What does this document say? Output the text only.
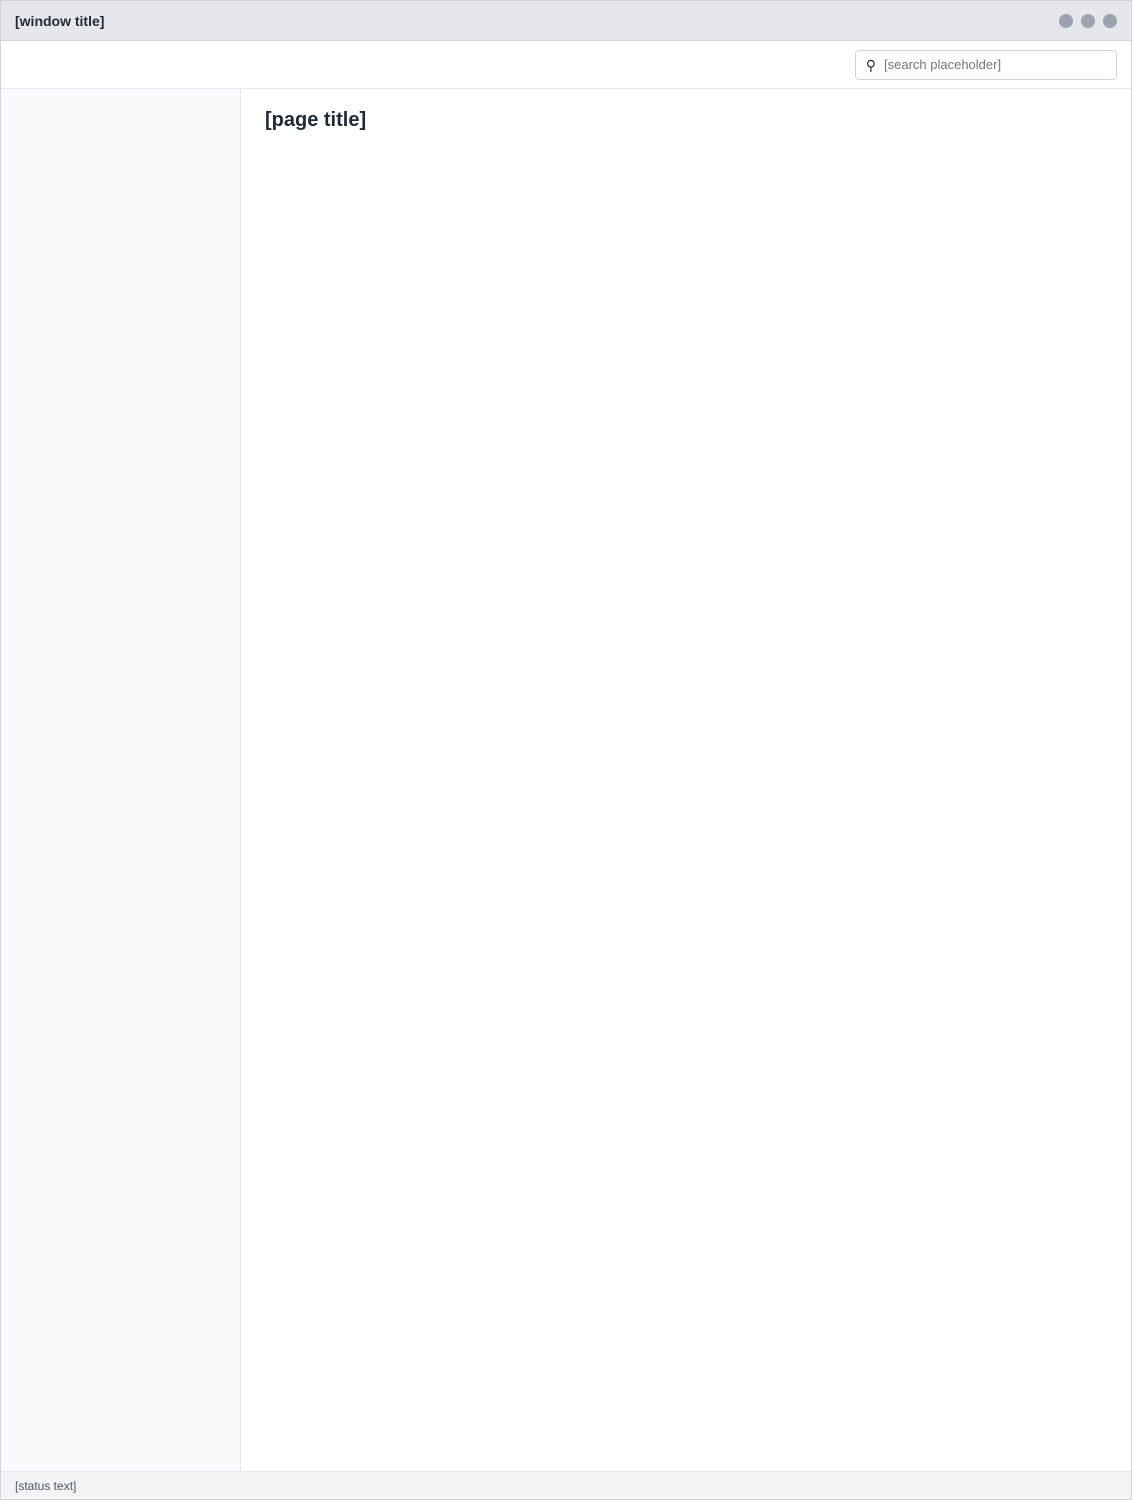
[window title]
⚲
[search placeholder]
[page title]
[status text]
